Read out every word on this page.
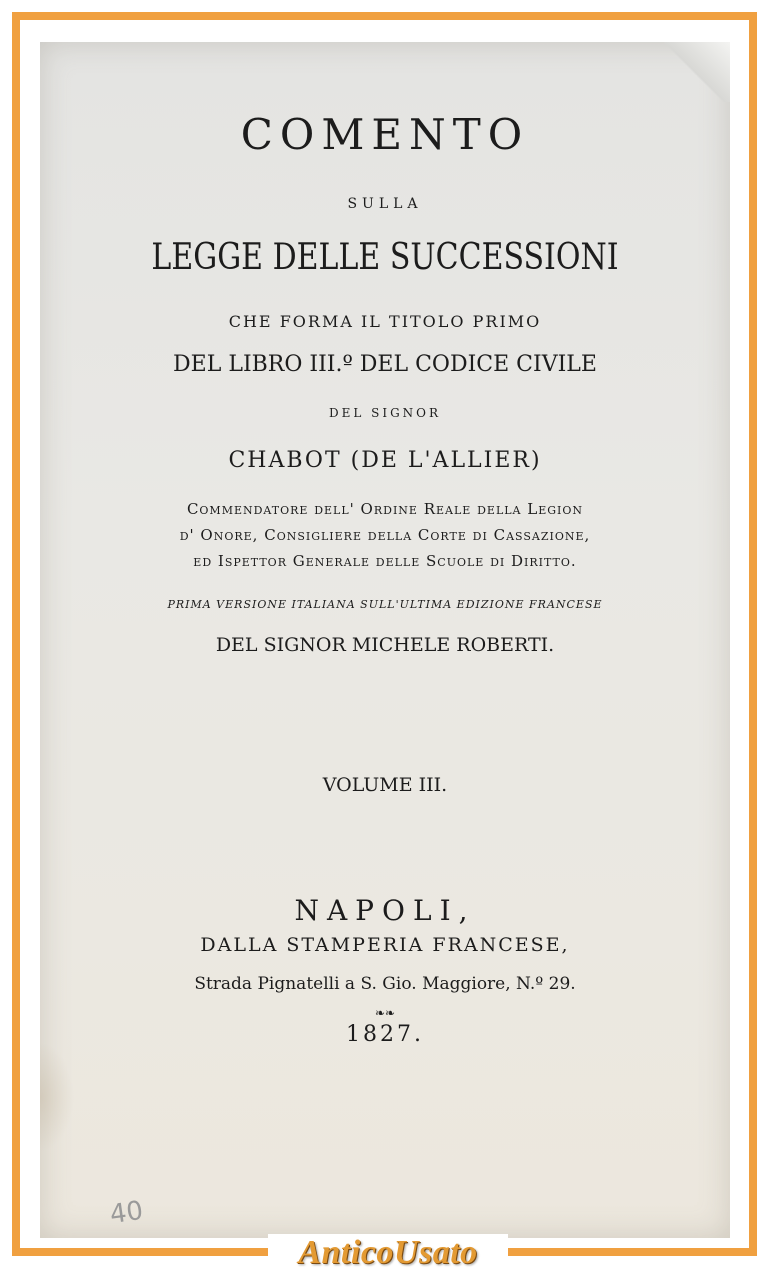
COMENTO

SULLA

LEGGE DELLE SUCCESSIONI

CHE FORMA IL TITOLO PRIMO

DEL LIBRO III.º DEL CODICE CIVILE

DEL SIGNOR

CHABOT (DE L'ALLIER)

Commendatore dell' Ordine Reale della Legion

d' Onore, Consigliere della Corte di Cassazione,

ed Ispettor Generale delle Scuole di Diritto.

PRIMA VERSIONE ITALIANA SULL'ULTIMA EDIZIONE FRANCESE

DEL SIGNOR MICHELE ROBERTI.

VOLUME III.

NAPOLI,

DALLA STAMPERIA FRANCESE,

Strada Pignatelli a S. Gio. Maggiore, N.º 29.

❧❧

1827.

40
AnticoUsato
